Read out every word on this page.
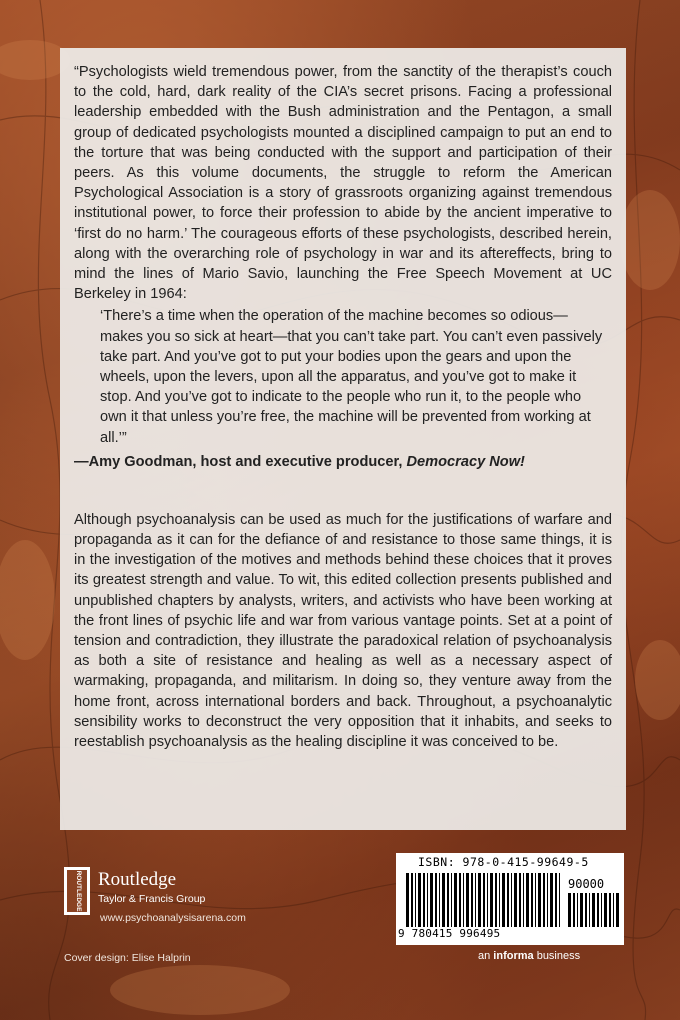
“Psychologists wield tremendous power, from the sanctity of the therapist’s couch to the cold, hard, dark reality of the CIA’s secret prisons. Facing a professional leadership embedded with the Bush administration and the Pentagon, a small group of dedicated psychologists mounted a disciplined campaign to put an end to the torture that was being conducted with the support and participation of their peers. As this volume documents, the struggle to reform the American Psychological Association is a story of grassroots organizing against tremendous institutional power, to force their profession to abide by the ancient imperative to ‘first do no harm.’ The courageous efforts of these psychologists, described herein, along with the overarching role of psychology in war and its aftereffects, bring to mind the lines of Mario Savio, launching the Free Speech Movement at UC Berkeley in 1964:

‘There’s a time when the operation of the machine becomes so odious—makes you so sick at heart—that you can’t take part. You can’t even passively take part. And you’ve got to put your bodies upon the gears and upon the wheels, upon the levers, upon all the apparatus, and you’ve got to make it stop. And you’ve got to indicate to the people who run it, to the people who own it that unless you’re free, the machine will be prevented from working at all.’”

—Amy Goodman, host and executive producer, Democracy Now!

Although psychoanalysis can be used as much for the justifications of warfare and propaganda as it can for the defiance of and resistance to those same things, it is in the investigation of the motives and methods behind these choices that it proves its greatest strength and value. To wit, this edited collection presents published and unpublished chapters by analysts, writers, and activists who have been working at the front lines of psychic life and war from various vantage points. Set at a point of tension and contradiction, they illustrate the paradoxical relation of psychoanalysis as both a site of resistance and healing as well as a necessary aspect of warmaking, propaganda, and militarism. In doing so, they venture away from the home front, across international borders and back. Throughout, a psychoanalytic sensibility works to deconstruct the very opposition that it inhabits, and seeks to reestablish psychoanalysis as the healing discipline it was conceived to be.

ROUTLEDGE Routledge
Taylor & Francis Group
www.psychoanalysisarena.com
Cover design: Elise Halprin
ISBN: 978-0-415-99649-5
90000
9 780415 996495
an informa business
